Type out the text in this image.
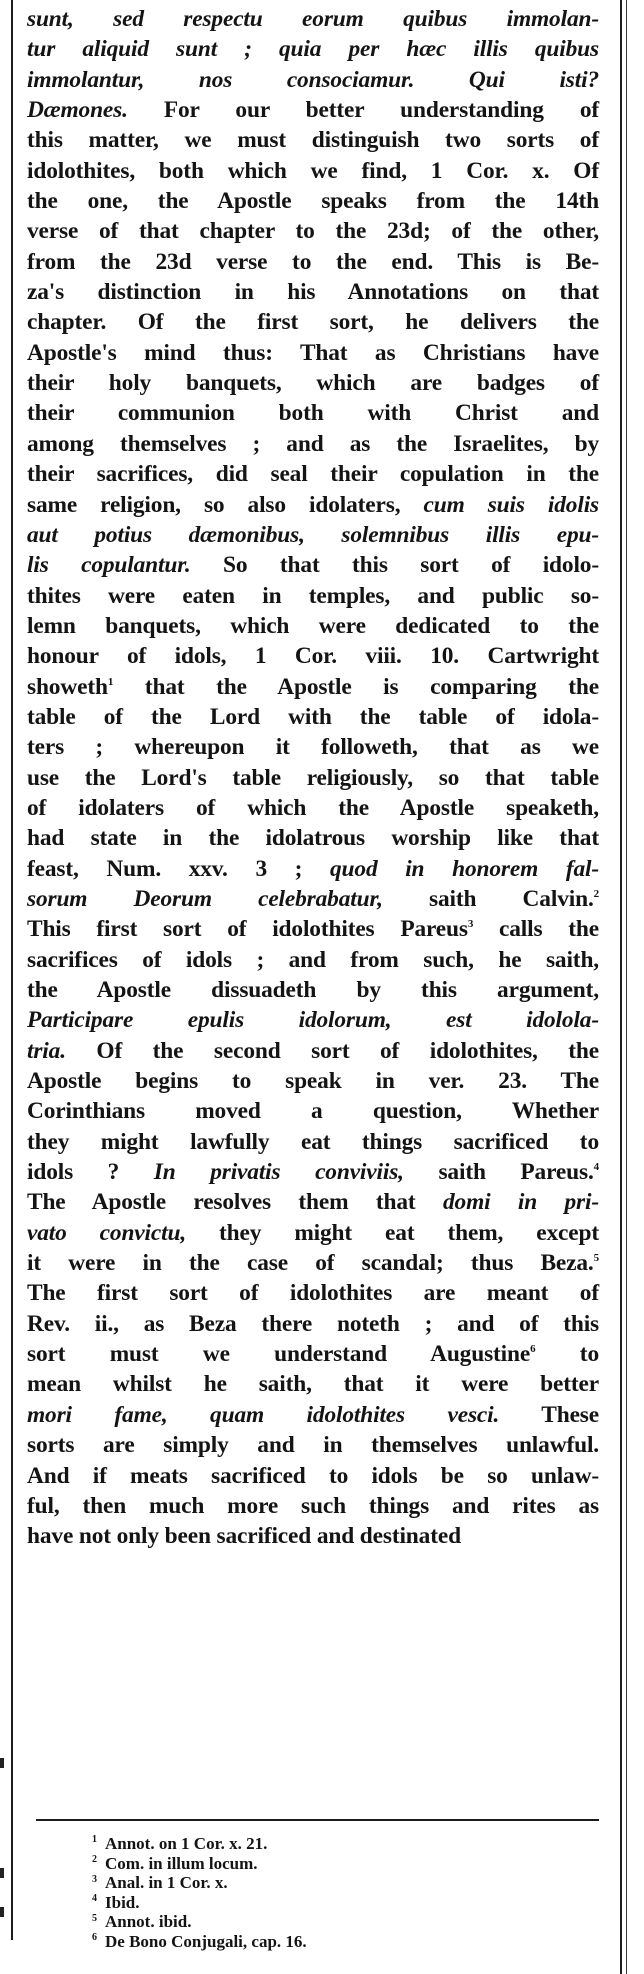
sunt, sed respectu eorum quibus immolan-
tur aliquid sunt ; quia per hæc illis quibus
immolantur, nos consociamur. Qui isti?
Dæmones. For our better understanding of
this matter, we must distinguish two sorts of
idolothites, both which we find, 1 Cor. x. Of
the one, the Apostle speaks from the 14th
verse of that chapter to the 23d; of the other,
from the 23d verse to the end. This is Be-
za's distinction in his Annotations on that
chapter. Of the first sort, he delivers the
Apostle's mind thus: That as Christians have
their holy banquets, which are badges of
their communion both with Christ and
among themselves ; and as the Israelites, by
their sacrifices, did seal their copulation in the
same religion, so also idolaters, cum suis idolis
aut potius dæmonibus, solemnibus illis epu-
lis copulantur. So that this sort of idolo-
thites were eaten in temples, and public so-
lemn banquets, which were dedicated to the
honour of idols, 1 Cor. viii. 10. Cartwright
showeth$^1$ that the Apostle is comparing the
table of the Lord with the table of idola-
ters ; whereupon it followeth, that as we
use the Lord's table religiously, so that table
of idolaters of which the Apostle speaketh,
had state in the idolatrous worship like that
feast, Num. xxv. 3 ; quod in honorem fal-
sorum Deorum celebrabatur, saith Calvin.$^2$
This first sort of idolothites Pareus$^3$ calls the
sacrifices of idols ; and from such, he saith,
the Apostle dissuadeth by this argument,
Participare epulis idolorum, est idolola-
tria. Of the second sort of idolothites, the
Apostle begins to speak in ver. 23. The
Corinthians moved a question, Whether
they might lawfully eat things sacrificed to
idols ? In privatis conviviis, saith Pareus.$^4$
The Apostle resolves them that domi in pri-
vato convictu, they might eat them, except
it were in the case of scandal; thus Beza.$^5$
The first sort of idolothites are meant of
Rev. ii., as Beza there noteth ; and of this
sort must we understand Augustine$^6$ to
mean whilst he saith, that it were better
mori fame, quam idolothites vesci. These
sorts are simply and in themselves unlawful.
And if meats sacrificed to idols be so unlaw-
ful, then much more such things and rites as
have not only been sacrificed and destinated
$^1$ Annot. on 1 Cor. x. 21.
$^2$ Com. in illum locum.
$^3$ Anal. in 1 Cor. x.
$^4$ Ibid.
$^5$ Annot. ibid.
$^6$ De Bono Conjugali, cap. 16.
